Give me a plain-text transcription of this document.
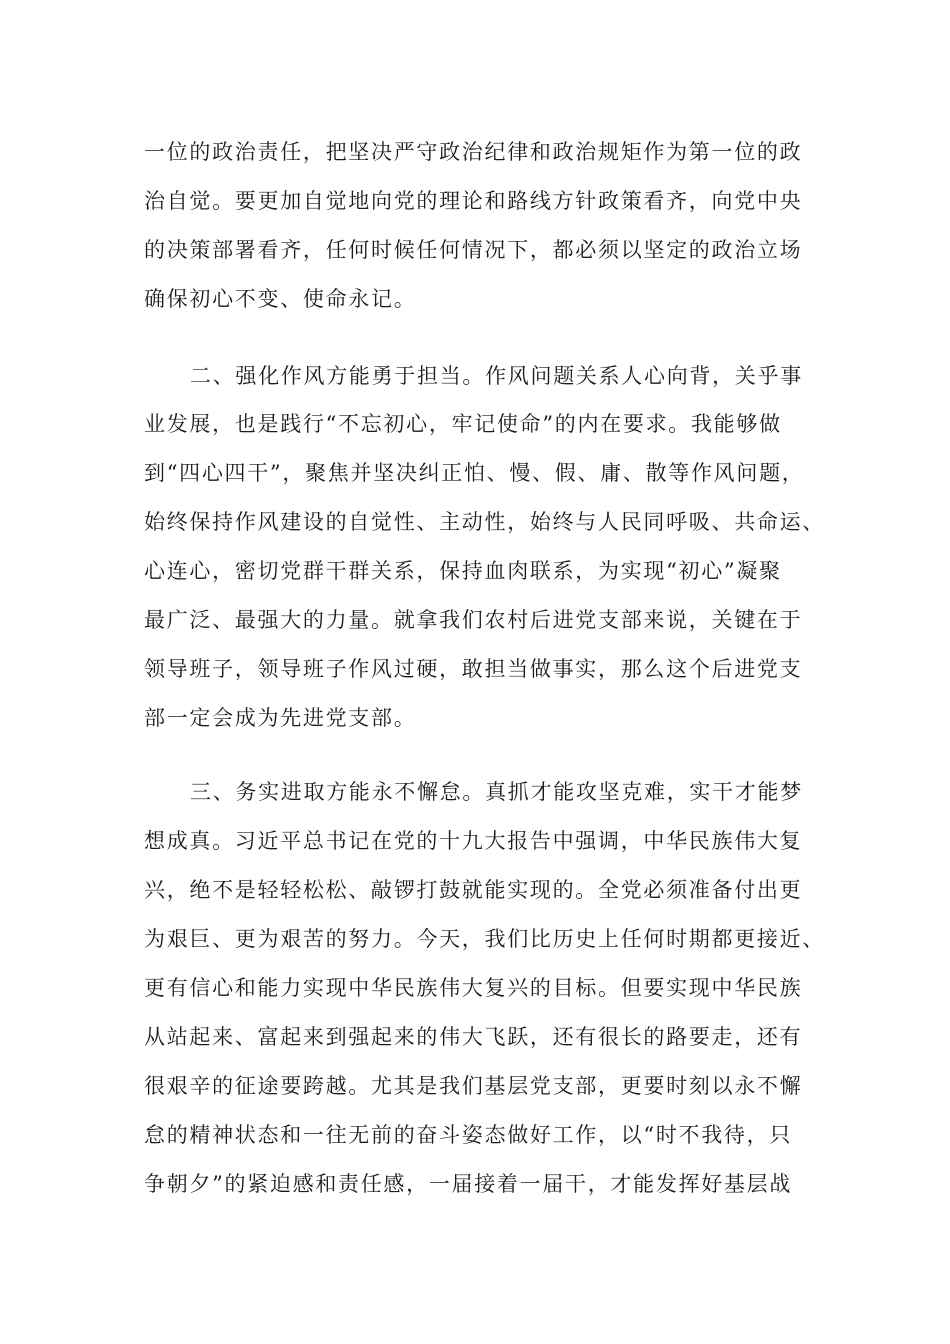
一位的政治责任，把坚决严守政治纪律和政治规矩作为第一位的政
治自觉。要更加自觉地向党的理论和路线方针政策看齐，向党中央
的决策部署看齐，任何时候任何情况下，都必须以坚定的政治立场
确保初心不变、使命永记。
二、强化作风方能勇于担当。作风问题关系人心向背，关乎事
业发展，也是践行“不忘初心，牢记使命”的内在要求。我能够做
到“四心四干”，聚焦并坚决纠正怕、慢、假、庸、散等作风问题，
始终保持作风建设的自觉性、主动性，始终与人民同呼吸、共命运、
心连心，密切党群干群关系，保持血肉联系，为实现“初心”凝聚
最广泛、最强大的力量。就拿我们农村后进党支部来说，关键在于
领导班子，领导班子作风过硬，敢担当做事实，那么这个后进党支
部一定会成为先进党支部。
三、务实进取方能永不懈怠。真抓才能攻坚克难，实干才能梦
想成真。习近平总书记在党的十九大报告中强调，中华民族伟大复
兴，绝不是轻轻松松、敲锣打鼓就能实现的。全党必须准备付出更
为艰巨、更为艰苦的努力。今天，我们比历史上任何时期都更接近、
更有信心和能力实现中华民族伟大复兴的目标。但要实现中华民族
从站起来、富起来到强起来的伟大飞跃，还有很长的路要走，还有
很艰辛的征途要跨越。尤其是我们基层党支部，更要时刻以永不懈
怠的精神状态和一往无前的奋斗姿态做好工作，以“时不我待，只
争朝夕”的紧迫感和责任感，一届接着一届干，才能发挥好基层战
